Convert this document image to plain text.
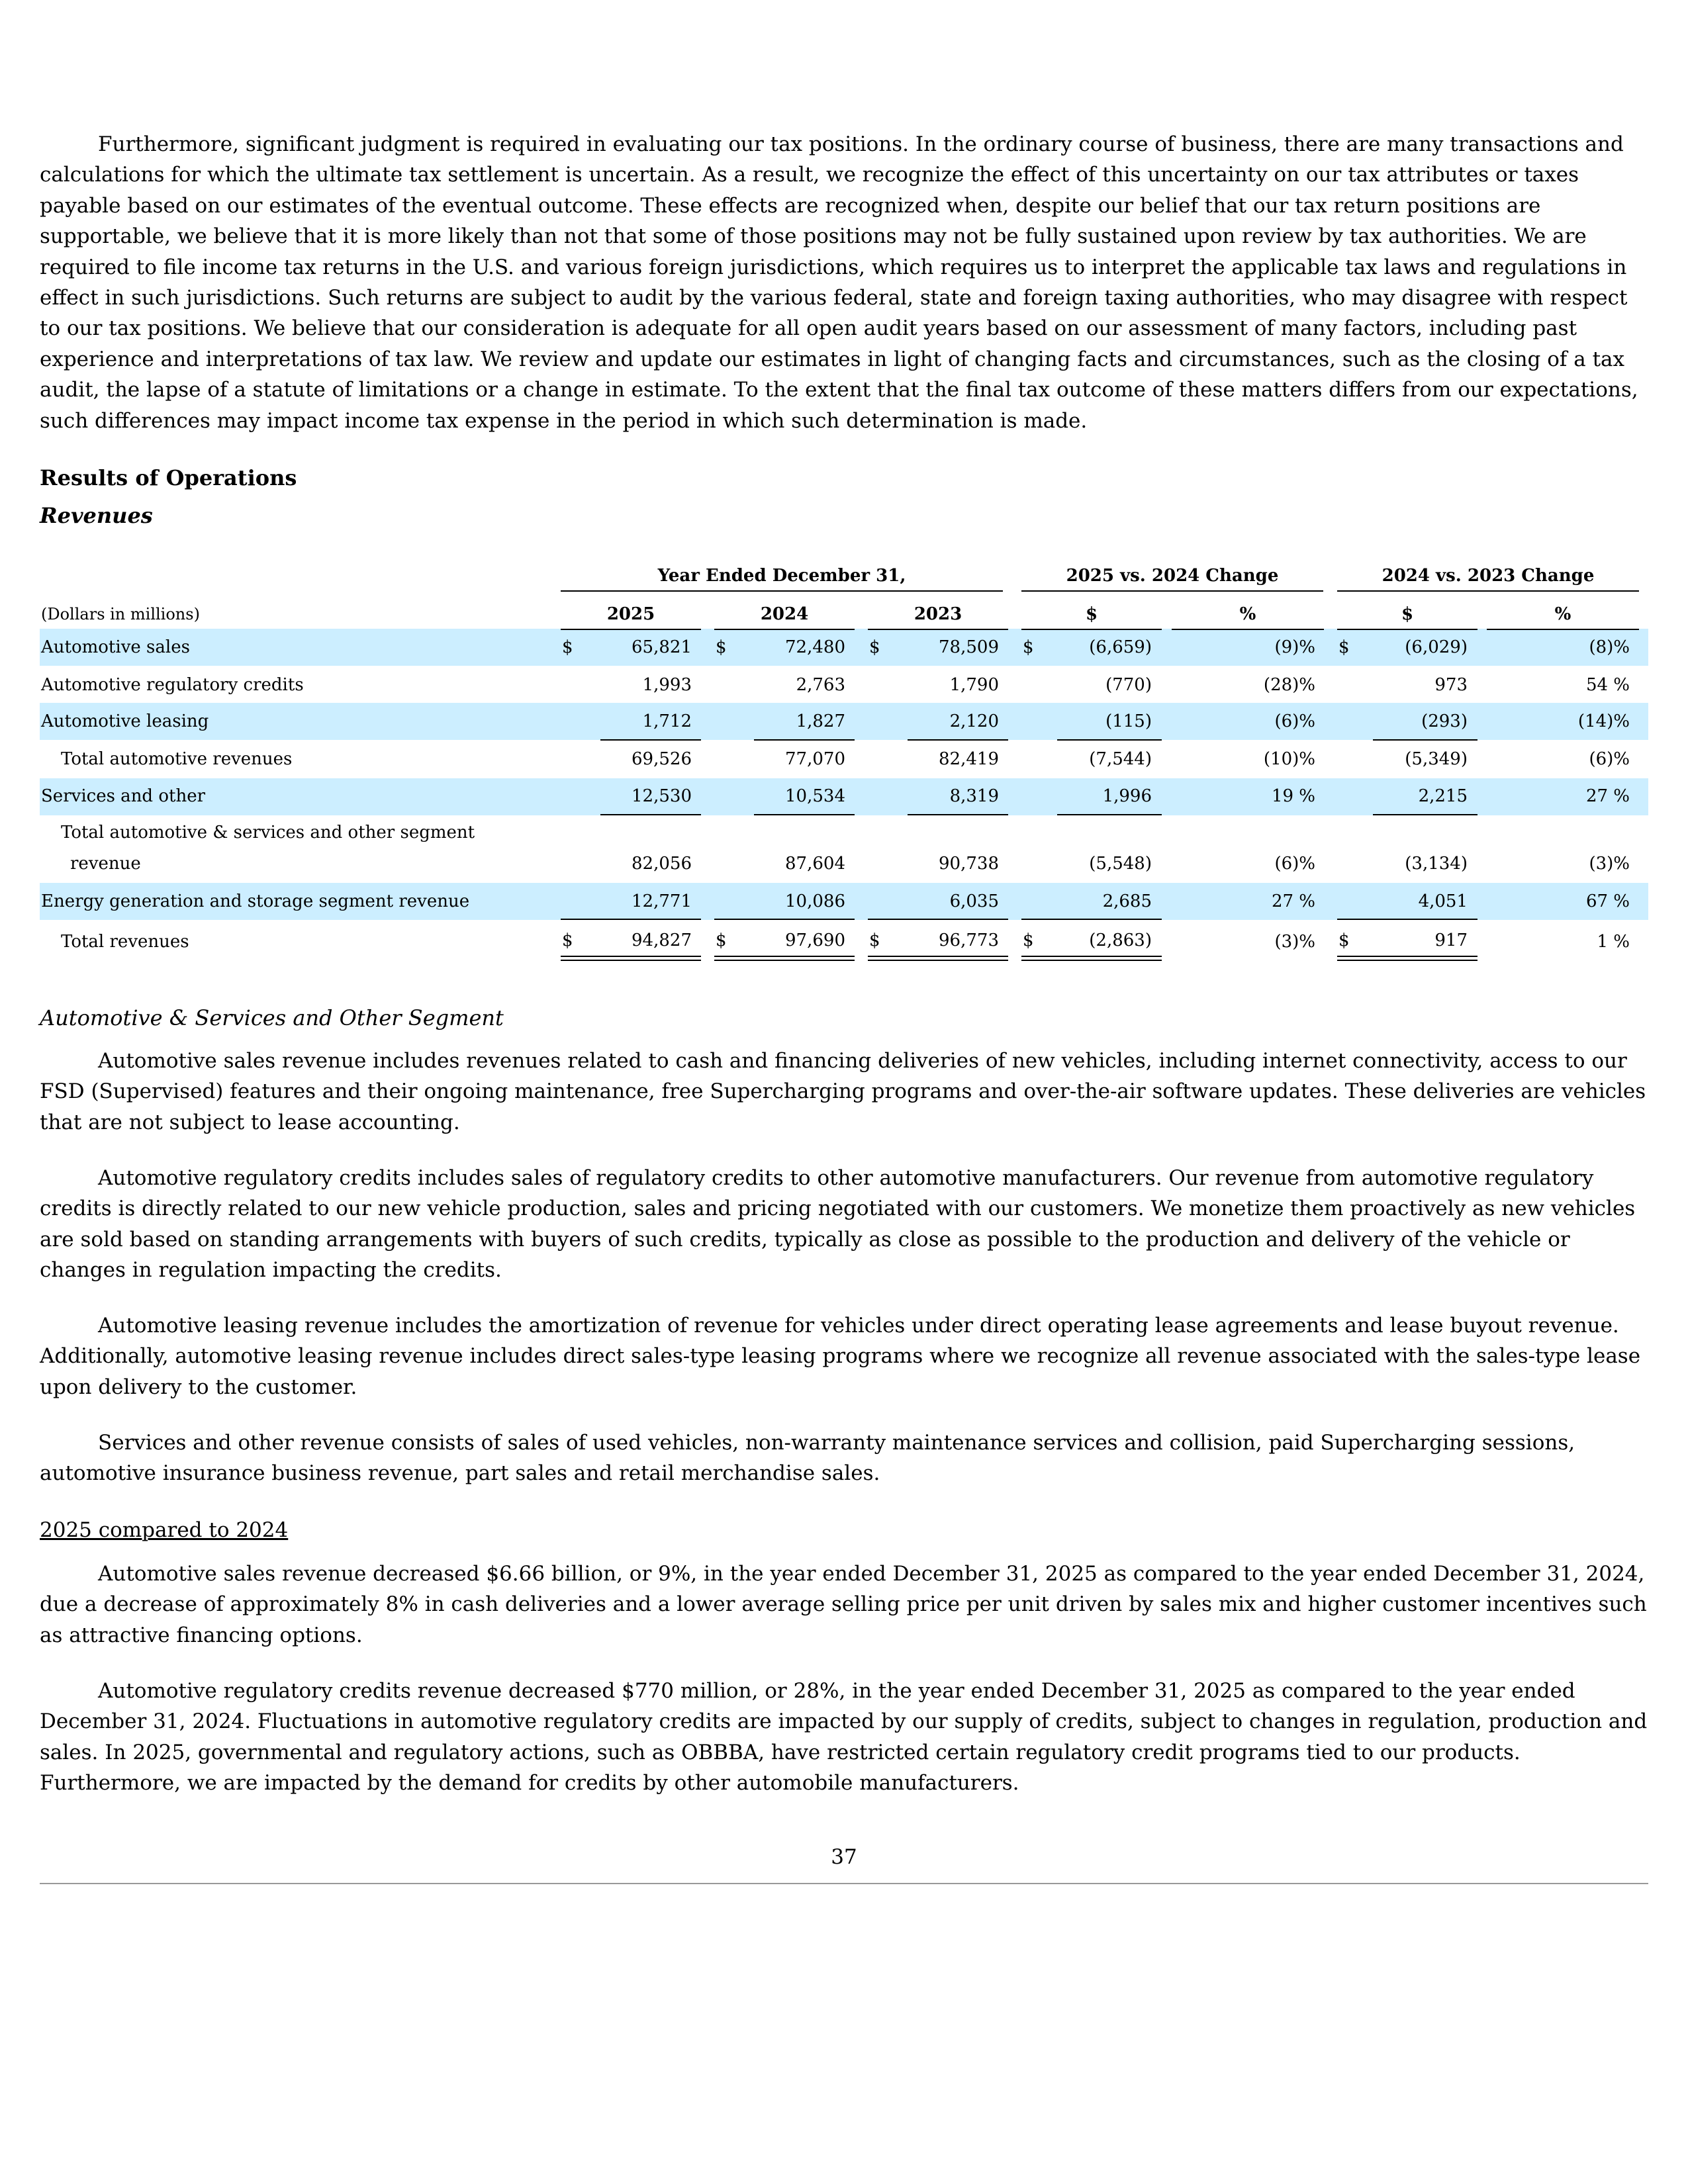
Furthermore, significant judgment is required in evaluating our tax positions. In the ordinary course of business, there are many transactions and calculations for which the ultimate tax settlement is uncertain. As a result, we recognize the effect of this uncertainty on our tax attributes or taxes payable based on our estimates of the eventual outcome. These effects are recognized when, despite our belief that our tax return positions are supportable, we believe that it is more likely than not that some of those positions may not be fully sustained upon review by tax authorities. We are required to file income tax returns in the U.S. and various foreign jurisdictions, which requires us to interpret the applicable tax laws and regulations in effect in such jurisdictions. Such returns are subject to audit by the various federal, state and foreign taxing authorities, who may disagree with respect to our tax positions. We believe that our consideration is adequate for all open audit years based on our assessment of many factors, including past experience and interpretations of tax law. We review and update our estimates in light of changing facts and circumstances, such as the closing of a tax audit, the lapse of a statute of limitations or a change in estimate. To the extent that the final tax outcome of these matters differs from our expectations, such differences may impact income tax expense in the period in which such determination is made.

Results of Operations
Revenues
Year Ended December 31,	2025 vs. 2024 Change	2024 vs. 2023 Change
(Dollars in millions)	2025	2024	2023	$	%	$	%
Automotive sales	$	65,821 $	72,480 $	78,509 $	(6,659)	(9)% $	(6,029)	(8)%
Automotive regulatory credits	1,993	2,763	1,790	(770)	(28)%	973	54 %
Automotive leasing	1,712	1,827	2,120	(115)	(6)%	(293)	(14)%
Total automotive revenues	69,526	77,070	82,419	(7,544)	(10)%	(5,349)	(6)%
Services and other	12,530	10,534	8,319	1,996	19 %	2,215	27 %
Total automotive & services and other segment
revenue	82,056	87,604	90,738	(5,548)	(6)%	(3,134)	(3)%
Energy generation and storage segment revenue	12,771	10,086	6,035	2,685	27 %	4,051	67 %
Total revenues	$	94,827 $	97,690 $	96,773 $	(2,863)	(3)% $	917	1 %
Automotive & Services and Other Segment

Automotive sales revenue includes revenues related to cash and financing deliveries of new vehicles, including internet connectivity, access to our FSD (Supervised) features and their ongoing maintenance, free Supercharging programs and over-the-air software updates. These deliveries are vehicles that are not subject to lease accounting.

Automotive regulatory credits includes sales of regulatory credits to other automotive manufacturers. Our revenue from automotive regulatory credits is directly related to our new vehicle production, sales and pricing negotiated with our customers. We monetize them proactively as new vehicles are sold based on standing arrangements with buyers of such credits, typically as close as possible to the production and delivery of the vehicle or changes in regulation impacting the credits.

Automotive leasing revenue includes the amortization of revenue for vehicles under direct operating lease agreements and lease buyout revenue. Additionally, automotive leasing revenue includes direct sales-type leasing programs where we recognize all revenue associated with the sales-type lease upon delivery to the customer.

Services and other revenue consists of sales of used vehicles, non-warranty maintenance services and collision, paid Supercharging sessions, automotive insurance business revenue, part sales and retail merchandise sales.

2025 compared to 2024

Automotive sales revenue decreased $6.66 billion, or 9%, in the year ended December 31, 2025 as compared to the year ended December 31, 2024, due a decrease of approximately 8% in cash deliveries and a lower average selling price per unit driven by sales mix and higher customer incentives such as attractive financing options.

Automotive regulatory credits revenue decreased $770 million, or 28%, in the year ended December 31, 2025 as compared to the year ended December 31, 2024. Fluctuations in automotive regulatory credits are impacted by our supply of credits, subject to changes in regulation, production and sales. In 2025, governmental and regulatory actions, such as OBBBA, have restricted certain regulatory credit programs tied to our products. Furthermore, we are impacted by the demand for credits by other automobile manufacturers.

37
